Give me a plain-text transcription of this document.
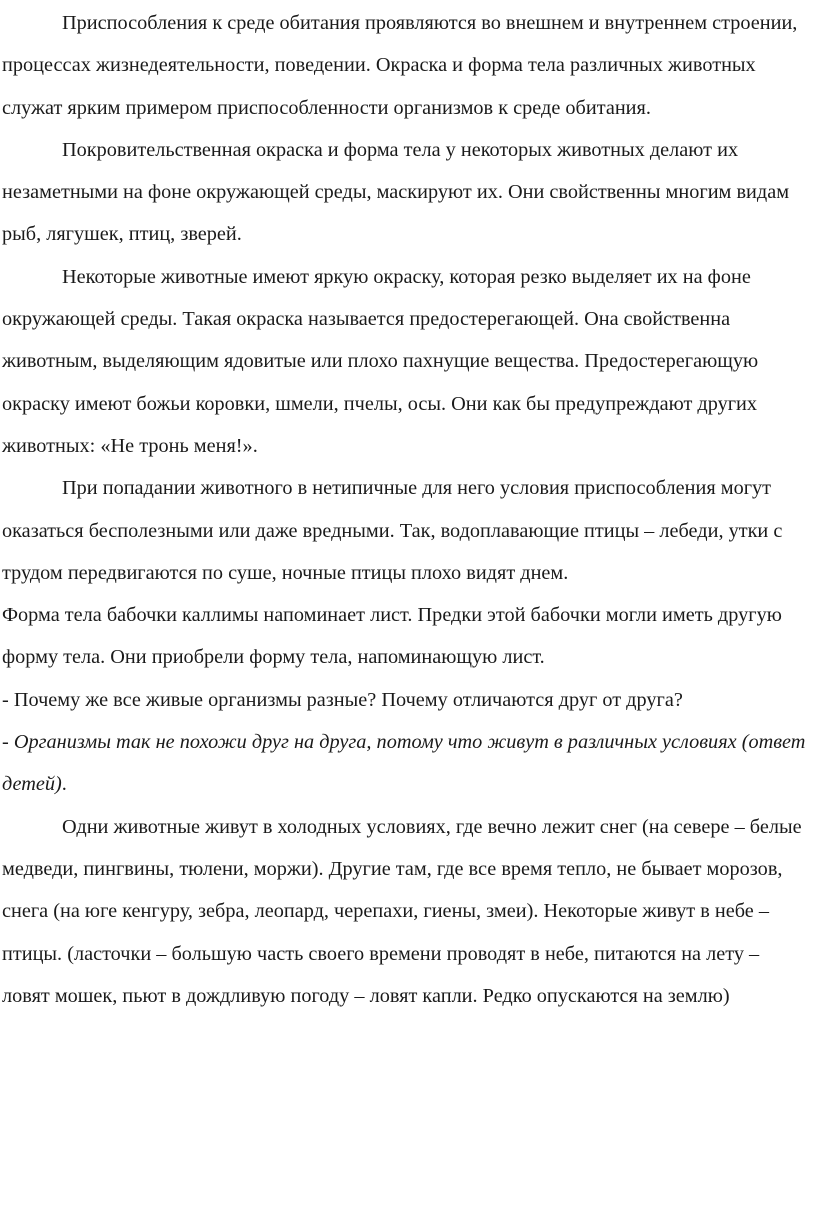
Приспособления к среде обитания проявляются во внешнем и внутреннем строении, процессах жизнедеятельности, поведении. Окраска и форма тела различных животных служат ярким примером приспособленности организмов к среде обитания.

Покровительственная окраска и форма тела у некоторых животных делают их незаметными на фоне окружающей среды, маскируют их. Они свойственны многим видам рыб, лягушек, птиц, зверей.

Некоторые животные имеют яркую окраску, которая резко выделяет их на фоне окружающей среды. Такая окраска называется предостерегающей. Она свойственна животным, выделяющим ядовитые или плохо пахнущие вещества. Предостерегающую окраску имеют божьи коровки, шмели, пчелы, осы. Они как бы предупреждают других животных: «Не тронь меня!».

При попадании животного в нетипичные для него условия приспособления могут оказаться бесполезными или даже вредными. Так, водоплавающие птицы – лебеди, утки с трудом передвигаются по суше, ночные птицы плохо видят днем.

Форма тела бабочки каллимы напоминает лист. Предки этой бабочки могли иметь другую форму тела. Они приобрели форму тела, напоминающую лист.

- Почему же все живые организмы разные? Почему отличаются друг от друга?

- Организмы так не похожи друг на друга, потому что живут в различных условиях (ответ детей).

Одни животные живут в холодных условиях, где вечно лежит снег (на севере – белые медведи, пингвины, тюлени, моржи). Другие там, где все время тепло, не бывает морозов, снега (на юге кенгуру, зебра, леопард, черепахи, гиены, змеи). Некоторые живут в небе – птицы. (ласточки – большую часть своего времени проводят в небе, питаются на лету – ловят мошек, пьют в дождливую погоду – ловят капли. Редко опускаются на землю)
